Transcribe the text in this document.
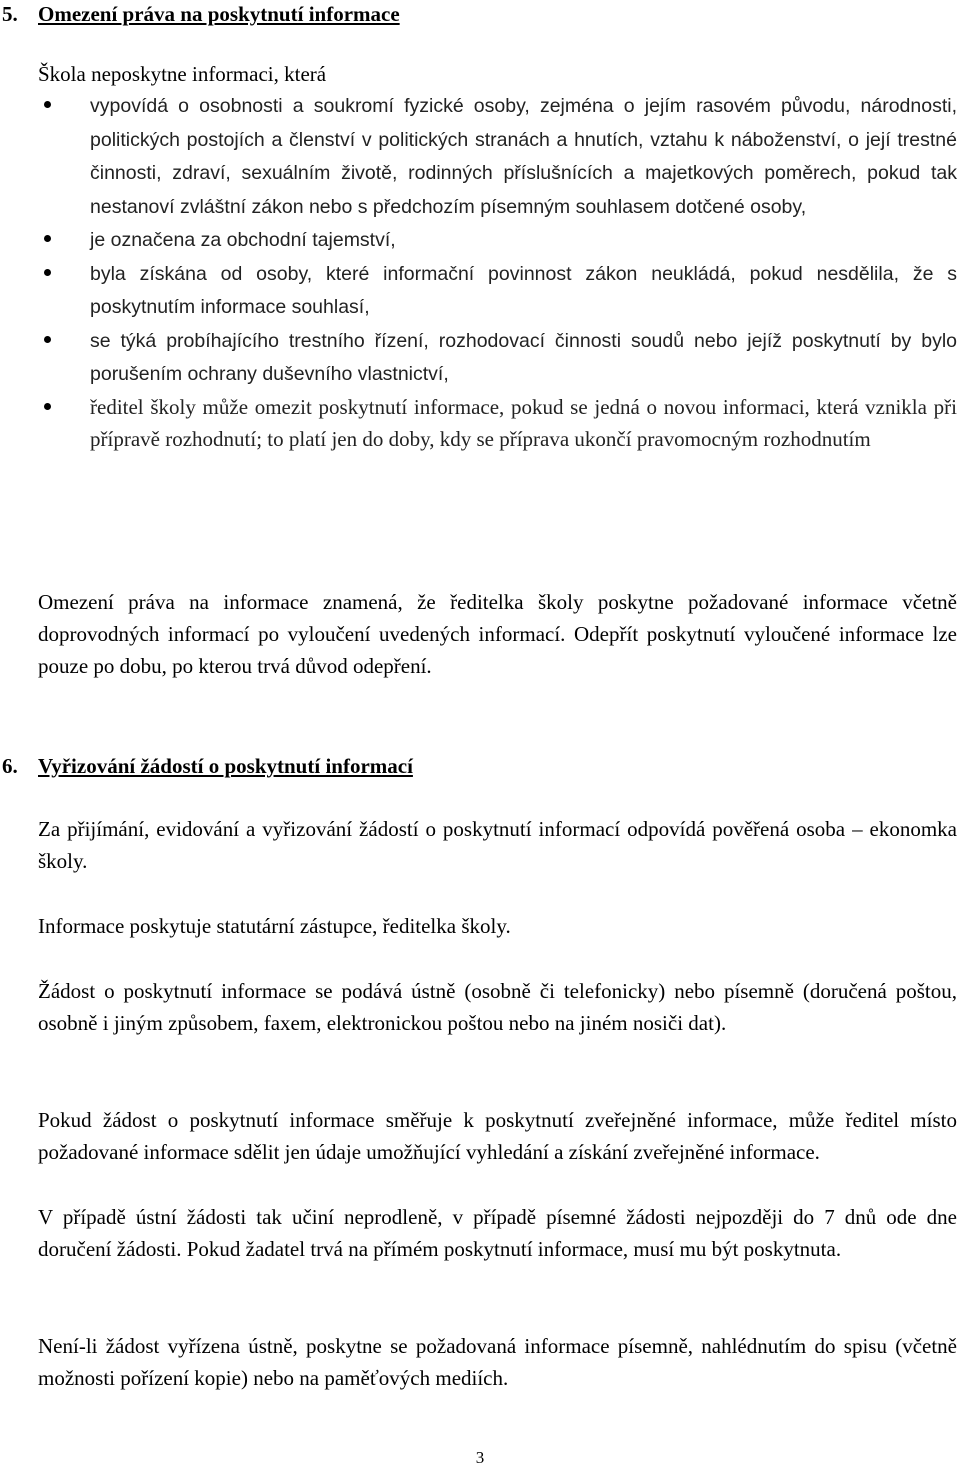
5. Omezení práva na poskytnutí informace

Škola neposkytne informaci, která

vypovídá o osobnosti a soukromí fyzické osoby, zejména o jejím rasovém původu, národnosti, politických postojích a členství v politických stranách a hnutích, vztahu k náboženství, o její trestné činnosti, zdraví, sexuálním životě, rodinných příslušnících a majetkových poměrech, pokud tak nestanoví zvláštní zákon nebo s předchozím písemným souhlasem dotčené osoby,
je označena za obchodní tajemství,
byla získána od osoby, které informační povinnost zákon neukládá, pokud nesdělila, že s poskytnutím informace souhlasí,
se týká probíhajícího trestního řízení, rozhodovací činnosti soudů nebo jejíž poskytnutí by bylo porušením ochrany duševního vlastnictví,
ředitel školy může omezit poskytnutí informace, pokud se jedná o novou informaci, která vznikla při přípravě rozhodnutí; to platí jen do doby, kdy se příprava ukončí pravomocným rozhodnutím

Omezení práva na informace znamená, že ředitelka školy poskytne požadované informace včetně doprovodných informací po vyloučení uvedených informací. Odepřít poskytnutí vyloučené informace lze pouze po dobu, po kterou trvá důvod odepření.

6. Vyřizování žádostí o poskytnutí informací

Za přijímání, evidování a vyřizování žádostí o poskytnutí informací odpovídá pověřená osoba – ekonomka školy.

Informace poskytuje statutární zástupce, ředitelka školy.

Žádost o poskytnutí informace se podává ústně (osobně či telefonicky) nebo písemně (doručená poštou, osobně i jiným způsobem, faxem, elektronickou poštou nebo na jiném nosiči dat).

Pokud žádost o poskytnutí informace směřuje k poskytnutí zveřejněné informace, může ředitel místo požadované informace sdělit jen údaje umožňující vyhledání a získání zveřejněné informace.

V případě ústní žádosti tak učiní neprodleně, v případě písemné žádosti nejpozději do 7 dnů ode dne doručení žádosti. Pokud žadatel trvá na přímém poskytnutí informace, musí mu být poskytnuta.

Není-li žádost vyřízena ústně, poskytne se požadovaná informace písemně, nahlédnutím do spisu (včetně možnosti pořízení kopie) nebo na paměťových mediích.

3
